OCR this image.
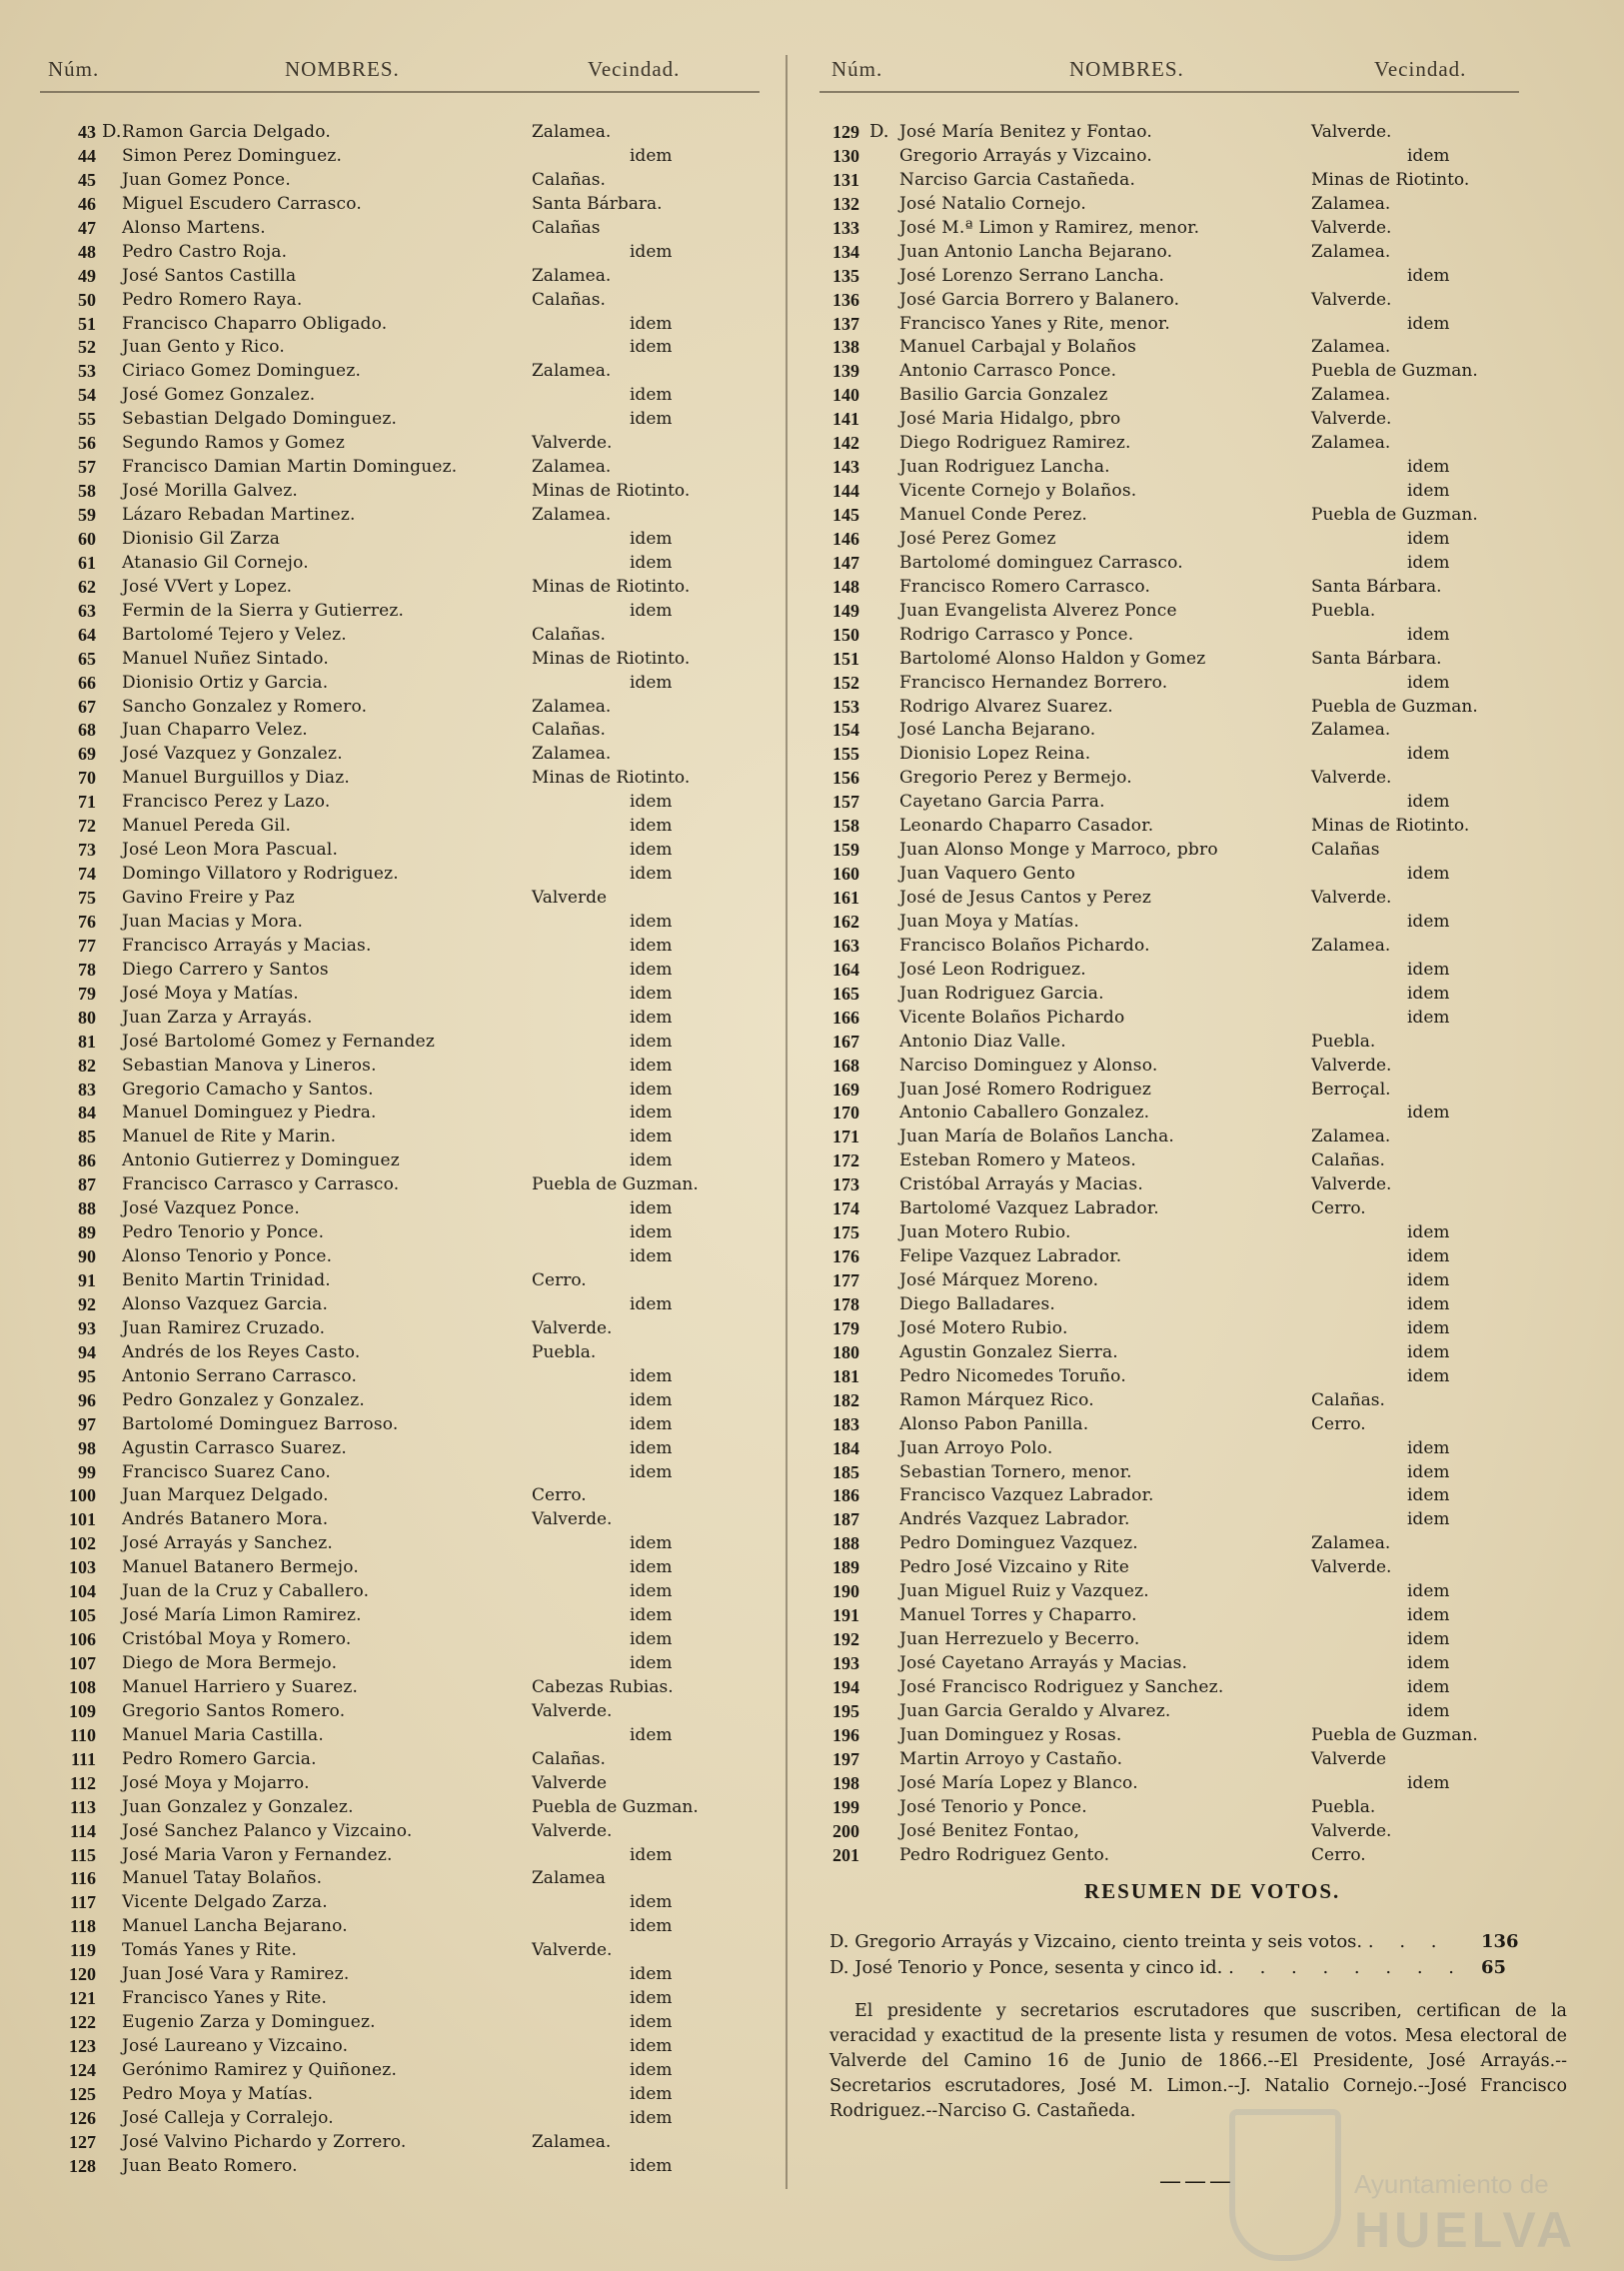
Núm.	NOMBRES.	Vecindad.
43 D. Ramon Garcia Delgado.	Zalamea.
44 Simon Perez Dominguez.	idem
45 Juan Gomez Ponce.	Calañas.
46 Miguel Escudero Carrasco.	Santa Bárbara.
47 Alonso Martens.	Calañas
48 Pedro Castro Roja.	idem
49 José Santos Castilla	Zalamea.
50 Pedro Romero Raya.	Calañas.
51 Francisco Chaparro Obligado.	idem
52 Juan Gento y Rico.	idem
53 Ciriaco Gomez Dominguez.	Zalamea.
54 José Gomez Gonzalez.	idem
55 Sebastian Delgado Dominguez.	idem
56 Segundo Ramos y Gomez	Valverde.
57 Francisco Damian Martin Dominguez.	Zalamea.
58 José Morilla Galvez.	Minas de Riotinto.
59 Lázaro Rebadan Martinez.	Zalamea.
60 Dionisio Gil Zarza	idem
61 Atanasio Gil Cornejo.	idem
62 José VVert y Lopez.	Minas de Riotinto.
63 Fermin de la Sierra y Gutierrez.	idem
64 Bartolomé Tejero y Velez.	Calañas.
65 Manuel Nuñez Sintado.	Minas de Riotinto.
66 Dionisio Ortiz y Garcia.	idem
67 Sancho Gonzalez y Romero.	Zalamea.
68 Juan Chaparro Velez.	Calañas.
69 José Vazquez y Gonzalez.	Zalamea.
70 Manuel Burguillos y Diaz.	Minas de Riotinto.
71 Francisco Perez y Lazo.	idem
72 Manuel Pereda Gil.	idem
73 José Leon Mora Pascual.	idem
74 Domingo Villatoro y Rodriguez.	idem
75 Gavino Freire y Paz	Valverde
76 Juan Macias y Mora.	idem
77 Francisco Arrayás y Macias.	idem
78 Diego Carrero y Santos	idem
79 José Moya y Matías.	idem
80 Juan Zarza y Arrayás.	idem
81 José Bartolomé Gomez y Fernandez	idem
82 Sebastian Manova y Lineros.	idem
83 Gregorio Camacho y Santos.	idem
84 Manuel Dominguez y Piedra.	idem
85 Manuel de Rite y Marin.	idem
86 Antonio Gutierrez y Dominguez	idem
87 Francisco Carrasco y Carrasco.	Puebla de Guzman.
88 José Vazquez Ponce.	idem
89 Pedro Tenorio y Ponce.	idem
90 Alonso Tenorio y Ponce.	idem
91 Benito Martin Trinidad.	Cerro.
92 Alonso Vazquez Garcia.	idem
93 Juan Ramirez Cruzado.	Valverde.
94 Andrés de los Reyes Casto.	Puebla.
95 Antonio Serrano Carrasco.	idem
96 Pedro Gonzalez y Gonzalez.	idem
97 Bartolomé Dominguez Barroso.	idem
98 Agustin Carrasco Suarez.	idem
99 Francisco Suarez Cano.	idem
100 Juan Marquez Delgado.	Cerro.
101 Andrés Batanero Mora.	Valverde.
102 José Arrayás y Sanchez.	idem
103 Manuel Batanero Bermejo.	idem
104 Juan de la Cruz y Caballero.	idem
105 José María Limon Ramirez.	idem
106 Cristóbal Moya y Romero.	idem
107 Diego de Mora Bermejo.	idem
108 Manuel Harriero y Suarez.	Cabezas Rubias.
109 Gregorio Santos Romero.	Valverde.
110 Manuel Maria Castilla.	idem
111 Pedro Romero Garcia.	Calañas.
112 José Moya y Mojarro.	Valverde
113 Juan Gonzalez y Gonzalez.	Puebla de Guzman.
114 José Sanchez Palanco y Vizcaino.	Valverde.
115 José Maria Varon y Fernandez.	idem
116 Manuel Tatay Bolaños.	Zalamea
117 Vicente Delgado Zarza.	idem
118 Manuel Lancha Bejarano.	idem
119 Tomás Yanes y Rite.	Valverde.
120 Juan José Vara y Ramirez.	idem
121 Francisco Yanes y Rite.	idem
122 Eugenio Zarza y Dominguez.	idem
123 José Laureano y Vizcaino.	idem
124 Gerónimo Ramirez y Quiñonez.	idem
125 Pedro Moya y Matías.	idem
126 José Calleja y Corralejo.	idem
127 José Valvino Pichardo y Zorrero.	Zalamea.
128 Juan Beato Romero.	idem
Núm.	NOMBRES.	Vecindad.
129 D. José María Benitez y Fontao.	Valverde.
130 Gregorio Arrayás y Vizcaino.	idem
131 Narciso Garcia Castañeda.	Minas de Riotinto.
132 José Natalio Cornejo.	Zalamea.
133 José M.ª Limon y Ramirez, menor.	Valverde.
134 Juan Antonio Lancha Bejarano.	Zalamea.
135 José Lorenzo Serrano Lancha.	idem
136 José Garcia Borrero y Balanero.	Valverde.
137 Francisco Yanes y Rite, menor.	idem
138 Manuel Carbajal y Bolaños	Zalamea.
139 Antonio Carrasco Ponce.	Puebla de Guzman.
140 Basilio Garcia Gonzalez	Zalamea.
141 José Maria Hidalgo, pbro	Valverde.
142 Diego Rodriguez Ramirez.	Zalamea.
143 Juan Rodriguez Lancha.	idem
144 Vicente Cornejo y Bolaños.	idem
145 Manuel Conde Perez.	Puebla de Guzman.
146 José Perez Gomez	idem
147 Bartolomé dominguez Carrasco.	idem
148 Francisco Romero Carrasco.	Santa Bárbara.
149 Juan Evangelista Alverez Ponce	Puebla.
150 Rodrigo Carrasco y Ponce.	idem
151 Bartolomé Alonso Haldon y Gomez	Santa Bárbara.
152 Francisco Hernandez Borrero.	idem
153 Rodrigo Alvarez Suarez.	Puebla de Guzman.
154 José Lancha Bejarano.	Zalamea.
155 Dionisio Lopez Reina.	idem
156 Gregorio Perez y Bermejo.	Valverde.
157 Cayetano Garcia Parra.	idem
158 Leonardo Chaparro Casador.	Minas de Riotinto.
159 Juan Alonso Monge y Marroco, pbro	Calañas
160 Juan Vaquero Gento	idem
161 José de Jesus Cantos y Perez	Valverde.
162 Juan Moya y Matías.	idem
163 Francisco Bolaños Pichardo.	Zalamea.
164 José Leon Rodriguez.	idem
165 Juan Rodriguez Garcia.	idem
166 Vicente Bolaños Pichardo	idem
167 Antonio Diaz Valle.	Puebla.
168 Narciso Dominguez y Alonso.	Valverde.
169 Juan José Romero Rodriguez	Berroçal.
170 Antonio Caballero Gonzalez.	idem
171 Juan María de Bolaños Lancha.	Zalamea.
172 Esteban Romero y Mateos.	Calañas.
173 Cristóbal Arrayás y Macias.	Valverde.
174 Bartolomé Vazquez Labrador.	Cerro.
175 Juan Motero Rubio.	idem
176 Felipe Vazquez Labrador.	idem
177 José Márquez Moreno.	idem
178 Diego Balladares.	idem
179 José Motero Rubio.	idem
180 Agustin Gonzalez Sierra.	idem
181 Pedro Nicomedes Toruño.	idem
182 Ramon Márquez Rico.	Calañas.
183 Alonso Pabon Panilla.	Cerro.
184 Juan Arroyo Polo.	idem
185 Sebastian Tornero, menor.	idem
186 Francisco Vazquez Labrador.	idem
187 Andrés Vazquez Labrador.	idem
188 Pedro Dominguez Vazquez.	Zalamea.
189 Pedro José Vizcaino y Rite	Valverde.
190 Juan Miguel Ruiz y Vazquez.	idem
191 Manuel Torres y Chaparro.	idem
192 Juan Herrezuelo y Becerro.	idem
193 José Cayetano Arrayás y Macias.	idem
194 José Francisco Rodriguez y Sanchez.	idem
195 Juan Garcia Geraldo y Alvarez.	idem
196 Juan Dominguez y Rosas.	Puebla de Guzman.
197 Martin Arroyo y Castaño.	Valverde
198 José María Lopez y Blanco.	idem
199 José Tenorio y Ponce.	Puebla.
200 José Benitez Fontao,	Valverde.
201 Pedro Rodriguez Gento.	Cerro.
RESUMEN DE VOTOS.
D. Gregorio Arrayás y Vizcaino, ciento treinta y seis votos. . . . 136
D. José Tenorio y Ponce, sesenta y cinco id. . . . . . . . . 65
El presidente y secretarios escrutadores que suscriben, certifican de la veracidad y exactitud de la presente lista y resumen de votos. Mesa electoral de Valverde del Camino 16 de Junio de 1866.--El Presidente, José Arrayás.--Secretarios escrutadores, José M. Limon.--J. Natalio Cornejo.--José Francisco Rodriguez.--Narciso G. Castañeda.
———	Ayuntamiento de
HUELVA
